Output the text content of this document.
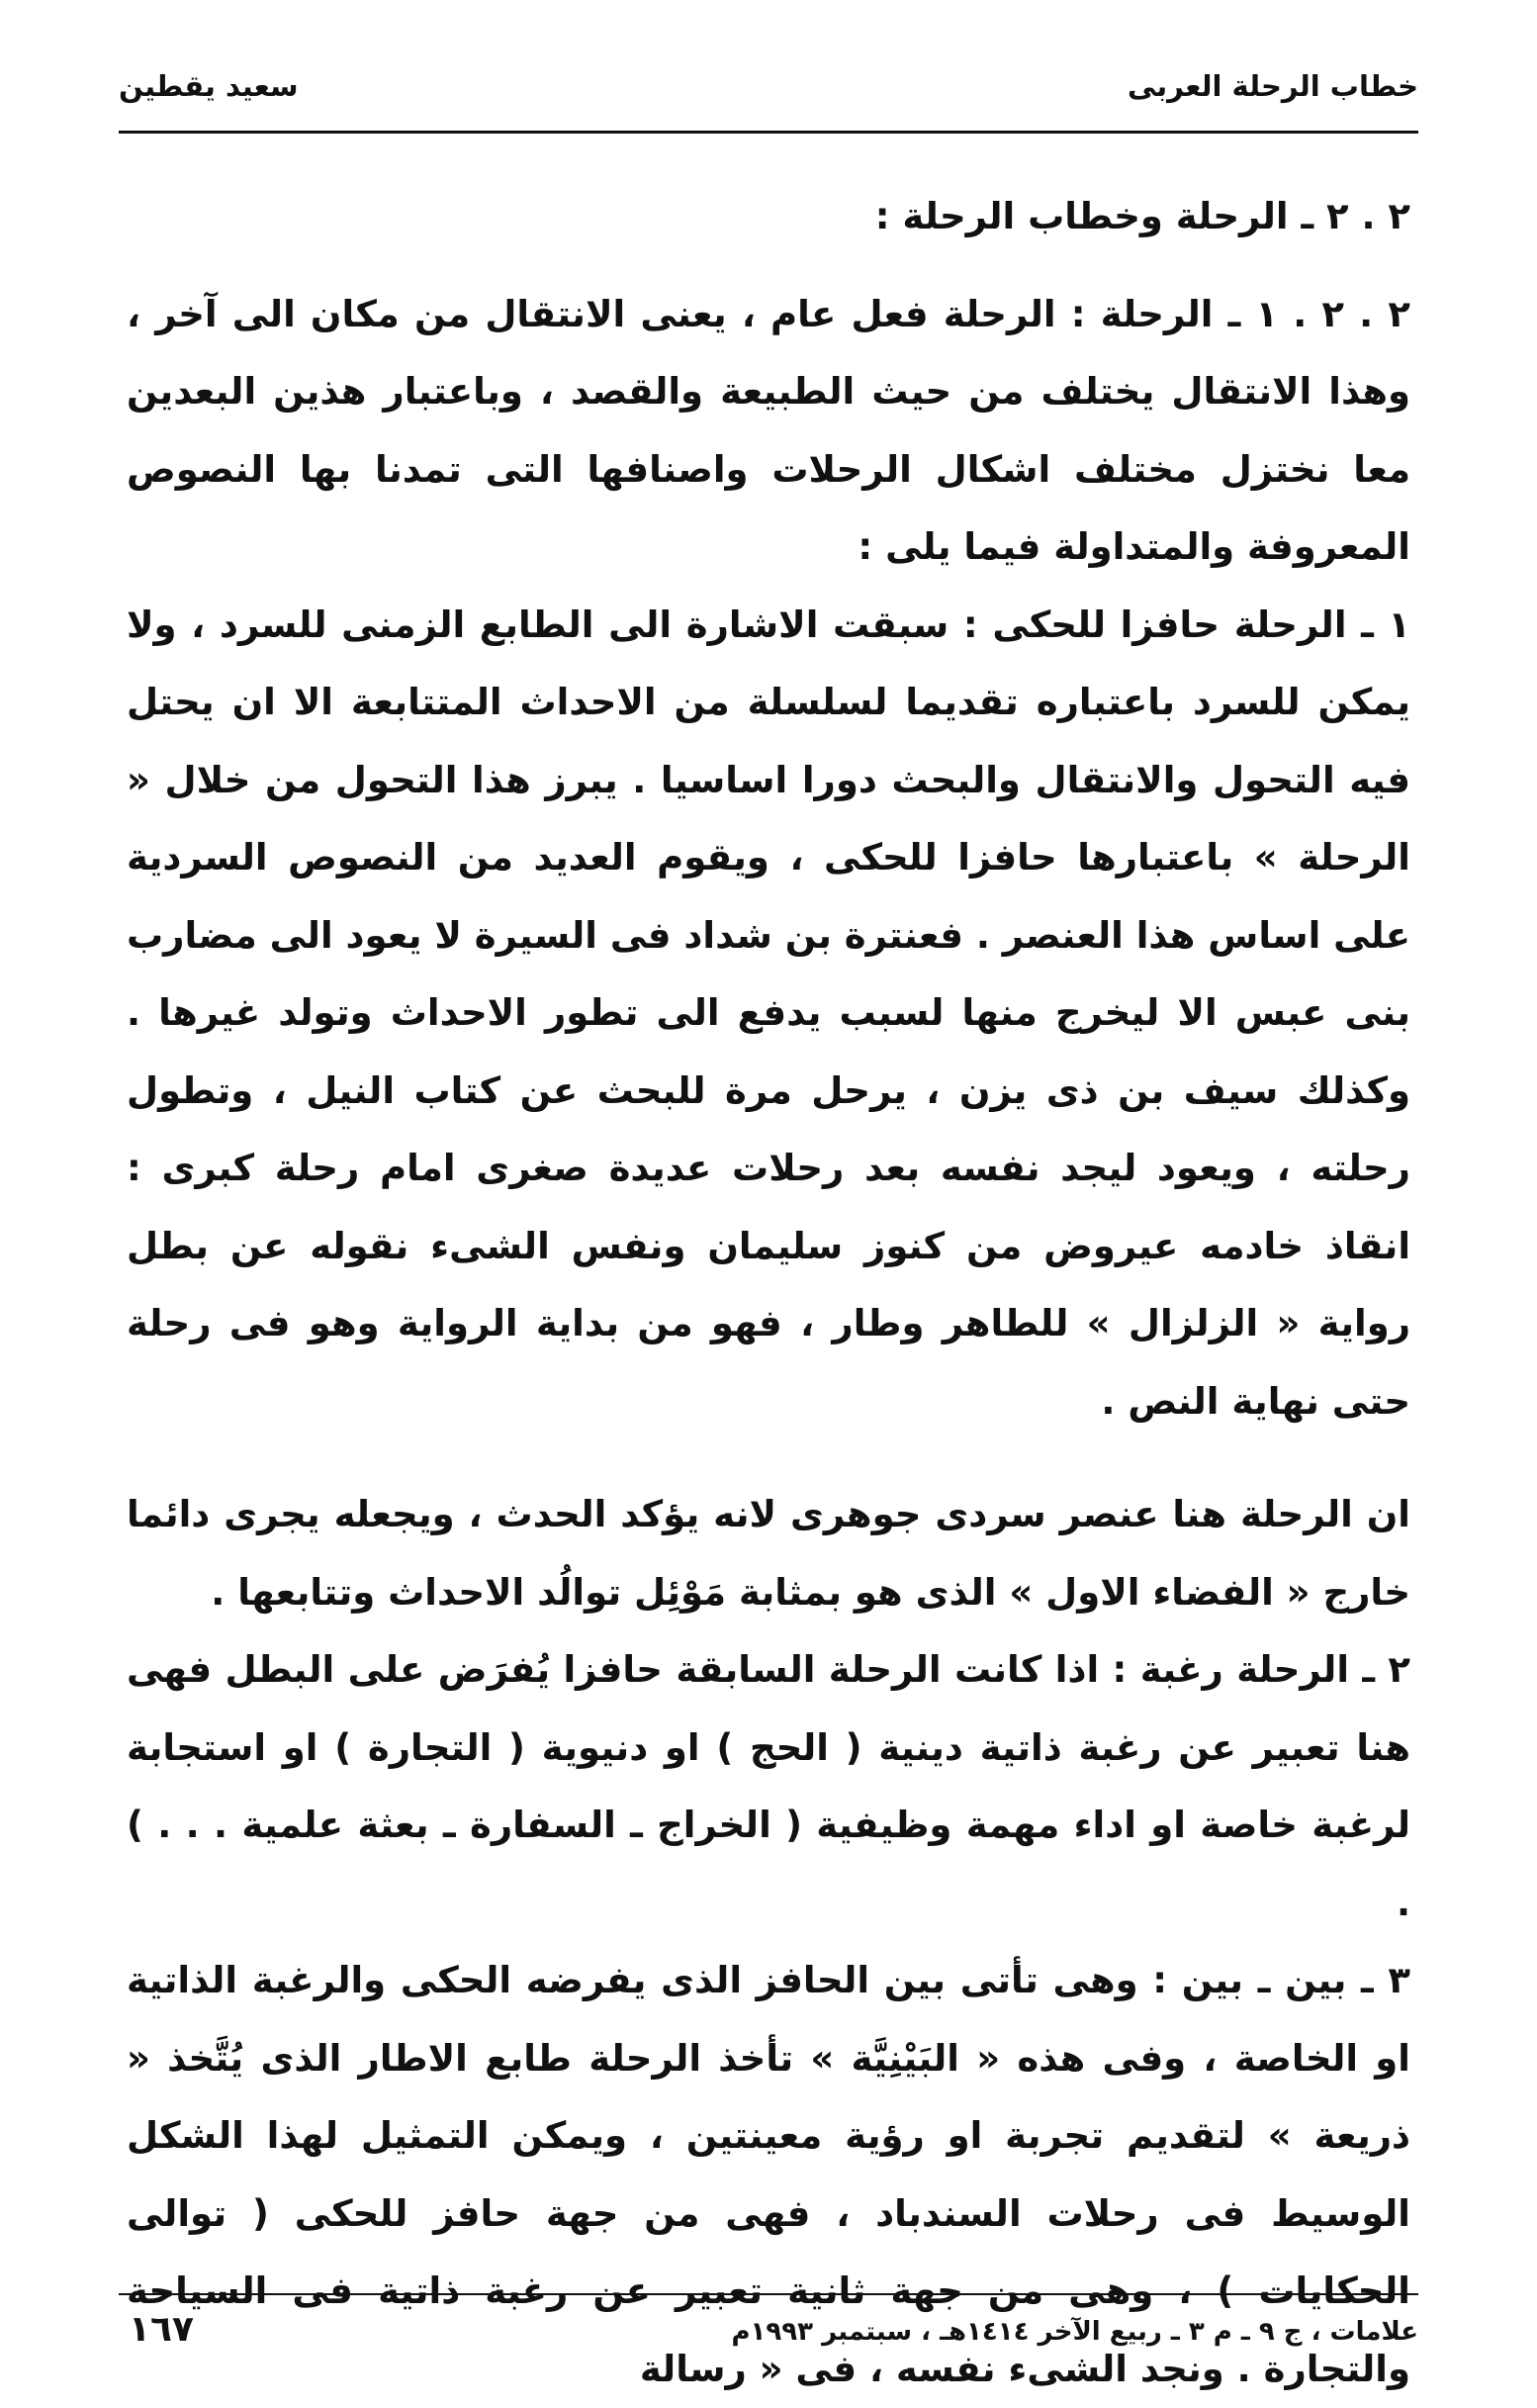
خطاب الرحلة العربى
سعيد يقطين

٢ . ٢ ـ الرحلة وخطاب الرحلة :

٢ . ٢ . ١ ـ الرحلة : الرحلة فعل عام ، يعنى الانتقال من مكان الى آخر ، وهذا الانتقال يختلف من حيث الطبيعة والقصد ، وباعتبار هذين البعدين معا نختزل مختلف اشكال الرحلات واصنافها التى تمدنا بها النصوص المعروفة والمتداولة فيما يلى :

١ ـ الرحلة حافزا للحكى : سبقت الاشارة الى الطابع الزمنى للسرد ، ولا يمكن للسرد باعتباره تقديما لسلسلة من الاحداث المتتابعة الا ان يحتل فيه التحول والانتقال والبحث دورا اساسيا . يبرز هذا التحول من خلال « الرحلة » باعتبارها حافزا للحكى ، ويقوم العديد من النصوص السردية على اساس هذا العنصر . فعنترة بن شداد فى السيرة لا يعود الى مضارب بنى عبس الا ليخرج منها لسبب يدفع الى تطور الاحداث وتولد غيرها . وكذلك سيف بن ذى يزن ، يرحل مرة للبحث عن كتاب النيل ، وتطول رحلته ، ويعود ليجد نفسه بعد رحلات عديدة صغرى امام رحلة كبرى : انقاذ خادمه عيروض من كنوز سليمان ونفس الشىء نقوله عن بطل رواية « الزلزال » للطاهر وطار ، فهو من بداية الرواية وهو فى رحلة حتى نهاية النص .

ان الرحلة هنا عنصر سردى جوهرى لانه يؤكد الحدث ، ويجعله يجرى دائما خارج « الفضاء الاول » الذى هو بمثابة مَوْئِل توالُد الاحداث وتتابعها .

٢ ـ الرحلة رغبة : اذا كانت الرحلة السابقة حافزا يُفرَض على البطل فهى هنا تعبير عن رغبة ذاتية دينية ( الحج ) او دنيوية ( التجارة ) او استجابة لرغبة خاصة او اداء مهمة وظيفية ( الخراج ـ السفارة ـ بعثة علمية . . . ) .

٣ ـ بين ـ بين : وهى تأتى بين الحافز الذى يفرضه الحكى والرغبة الذاتية او الخاصة ، وفى هذه « البَيْنِيَّة » تأخذ الرحلة طابع الاطار الذى يُتَّخذ « ذريعة » لتقديم تجربة او رؤية معينتين ، ويمكن التمثيل لهذا الشكل الوسيط فى رحلات السندباد ، فهى من جهة حافز للحكى ( توالى الحكايات ) ، وهى من جهة ثانية تعبير عن رغبة ذاتية فى السياحة والتجارة . ونجد الشىء نفسه ، فى « رسالة

علامات ، ج ٩ ـ م ٣ ـ ربيع الآخر ١٤١٤هـ ، سبتمبر ١٩٩٣م
١٦٧
